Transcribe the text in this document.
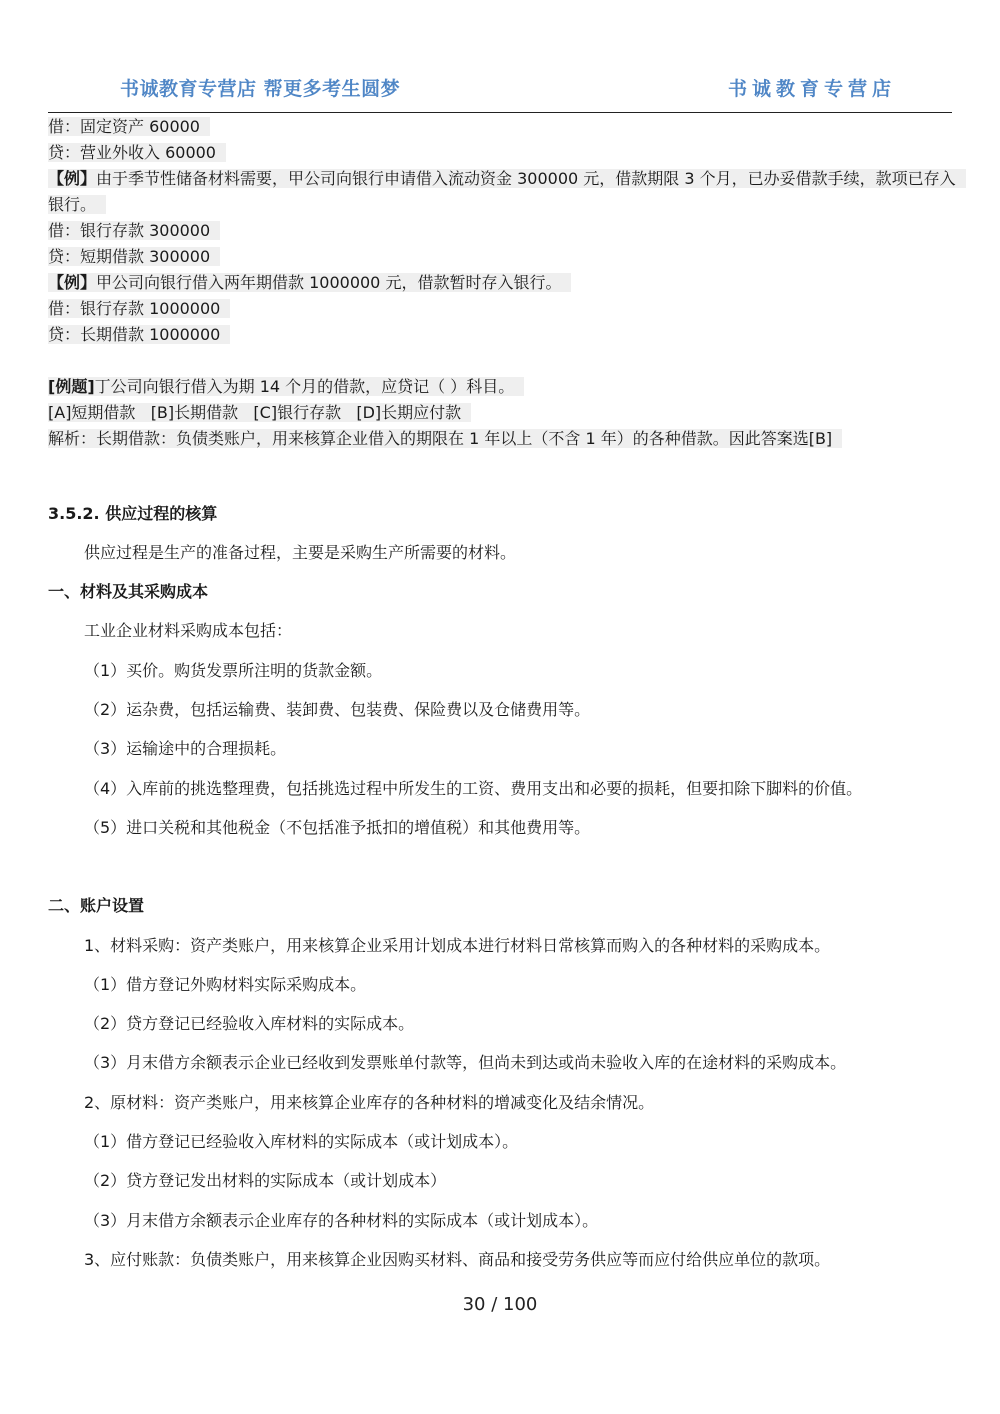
书诚教育专营店 帮更多考生圆梦	书诚教育专营店
借：固定资产 60000
贷：营业外收入 60000
【例】由于季节性储备材料需要，甲公司向银行申请借入流动资金 300000 元，借款期限 3 个月，已办妥借款手续，款项已存入银行。
借：银行存款 300000
贷：短期借款 300000
【例】甲公司向银行借入两年期借款 1000000 元，借款暂时存入银行。
借：银行存款 1000000
贷：长期借款 1000000
[例题]丁公司向银行借入为期 14 个月的借款，应贷记（ ）科目。
[A]短期借款   [B]长期借款   [C]银行存款   [D]长期应付款
解析：长期借款：负债类账户，用来核算企业借入的期限在 1 年以上（不含 1 年）的各种借款。因此答案选[B]
3.5.2. 供应过程的核算
供应过程是生产的准备过程，主要是采购生产所需要的材料。
一、材料及其采购成本
工业企业材料采购成本包括：
（1）买价。购货发票所注明的货款金额。
（2）运杂费，包括运输费、装卸费、包装费、保险费以及仓储费用等。
（3）运输途中的合理损耗。
（4）入库前的挑选整理费，包括挑选过程中所发生的工资、费用支出和必要的损耗，但要扣除下脚料的价值。
（5）进口关税和其他税金（不包括准予抵扣的增值税）和其他费用等。
二、账户设置
1、材料采购：资产类账户，用来核算企业采用计划成本进行材料日常核算而购入的各种材料的采购成本。
（1）借方登记外购材料实际采购成本。
（2）贷方登记已经验收入库材料的实际成本。
（3）月末借方余额表示企业已经收到发票账单付款等，但尚未到达或尚未验收入库的在途材料的采购成本。
2、原材料：资产类账户，用来核算企业库存的各种材料的增减变化及结余情况。
（1）借方登记已经验收入库材料的实际成本（或计划成本）。
（2）贷方登记发出材料的实际成本（或计划成本）
（3）月末借方余额表示企业库存的各种材料的实际成本（或计划成本）。
3、应付账款：负债类账户，用来核算企业因购买材料、商品和接受劳务供应等而应付给供应单位的款项。
30 / 100
